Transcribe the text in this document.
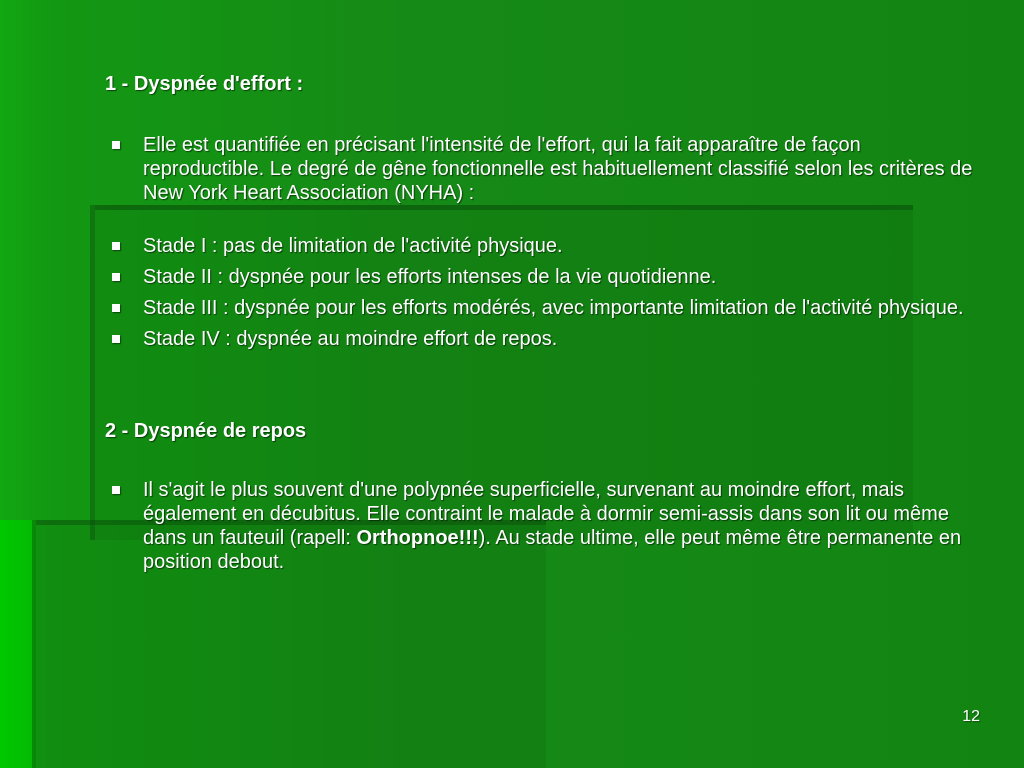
1 - Dyspnée d'effort :
Elle est quantifiée en précisant l'intensité de l'effort, qui la fait apparaître de façon reproductible. Le degré de gêne fonctionnelle est habituellement classifié selon les critères de New York Heart Association (NYHA) :
Stade I : pas de limitation de l'activité physique.
Stade II : dyspnée pour les efforts intenses de la vie quotidienne.
Stade III : dyspnée pour les efforts modérés, avec importante limitation de l'activité physique.
Stade IV : dyspnée au moindre effort de repos.
2 - Dyspnée de repos
Il s'agit le plus souvent d'une polypnée superficielle, survenant au moindre effort, mais également en décubitus. Elle contraint le malade à dormir semi-assis dans son lit ou même dans un fauteuil (rapell: Orthopnoe!!!). Au stade ultime, elle peut même être permanente en position debout.
12
